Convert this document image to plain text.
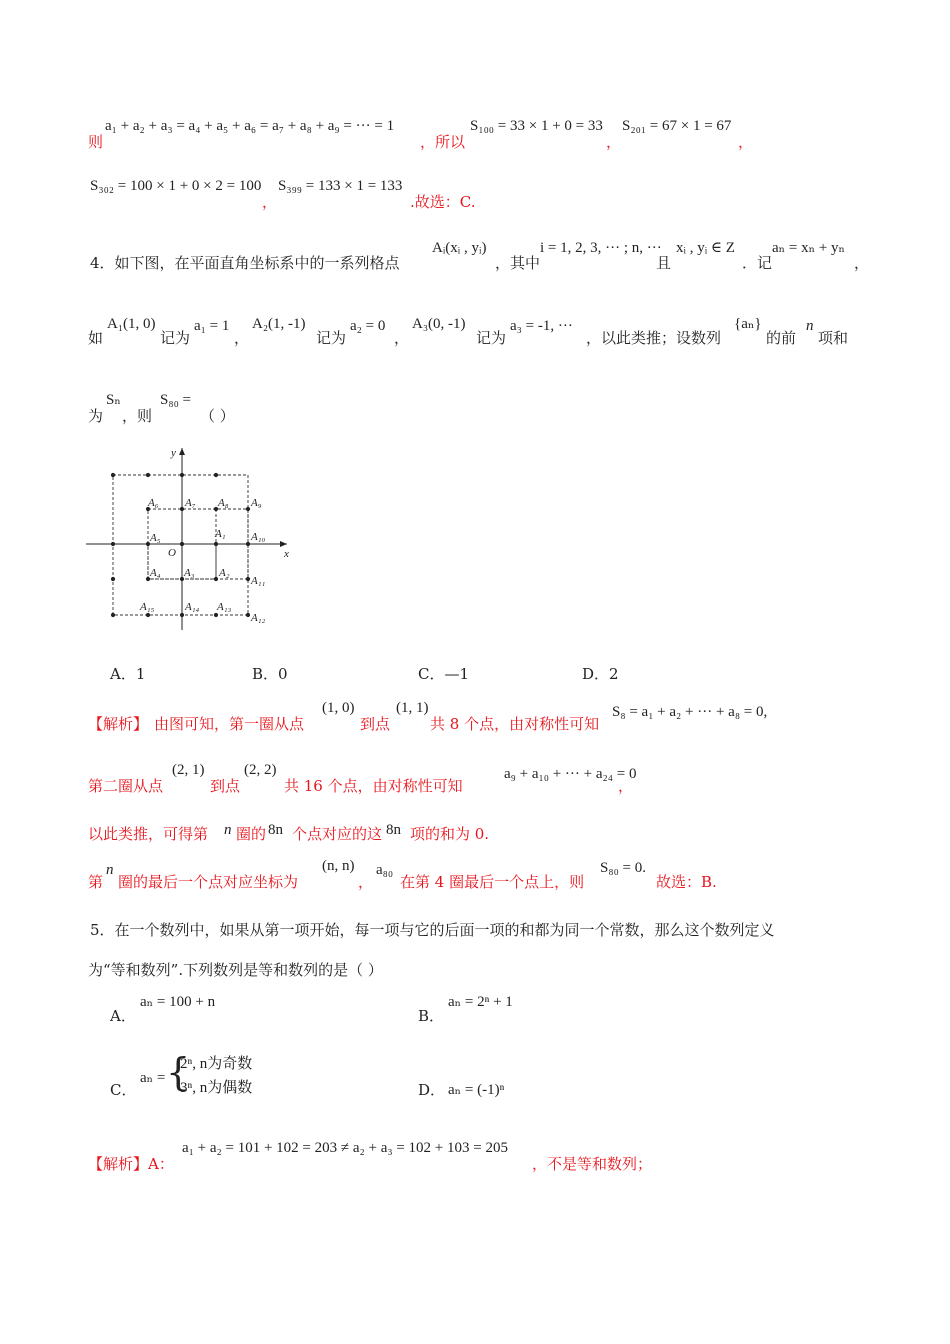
则
a₁ + a₂ + a₃ = a₄ + a₅ + a₆ = a₇ + a₈ + a₉ = ··· = 1
，所以
S₁₀₀ = 33 × 1 + 0 = 33
，
S₂₀₁ = 67 × 1 = 67
，
S₃₀₂ = 100 × 1 + 0 × 2 = 100
，
S₃₉₉ = 133 × 1 = 133
.故选：C.
4．如下图，在平面直角坐标系中的一系列格点
Aᵢ(xᵢ , yᵢ)
，其中
i = 1, 2, 3, ··· ; n, ···
且
xᵢ , yᵢ ∈ Z
．记
aₙ = xₙ + yₙ
，
如
A₁(1, 0)
记为
a₁ = 1
，
A₂(1, -1)
记为
a₂ = 0
，
A₃(0, -1)
记为
a₃ = -1, ···
，以此类推；设数列
{aₙ}
的前
n
项和
为
Sₙ
，则
S₈₀ =
（ ）
x
y
O
A₁
A₂
A₃
A₄
A₅
A₆ A₇ A₈ A₉
A₁₀
A₁₁
A₁₂
A₁₃
A₁₄
A₁₅
A．1	B．0	C．—1	D．2
【解析】 由图可知，第一圈从点
(1, 0)
到点
(1, 1)
共 8 个点，由对称性可知
S₈ = a₁ + a₂ + ··· + a₈ = 0,
第二圈从点
(2, 1)
到点
(2, 2)
共 16 个点，由对称性可知
a₉ + a₁₀ + ··· + a₂₄ = 0
，
以此类推，可得第 n 圈的 8n 个点对应的这 8n 项的和为 0.
第
n
圈的最后一个点对应坐标为
(n, n)
，
a₈₀
在第 4 圈最后一个点上，则
S₈₀ = 0.
故选：B.
5．在一个数列中，如果从第一项开始，每一项与它的后面一项的和都为同一个常数，那么这个数列定义
为“等和数列”.下列数列是等和数列的是（ ）
A．
aₙ = 100 + n
B．
aₙ = 2ⁿ + 1
C．
aₙ = {
2ⁿ, n为奇数
3ⁿ, n为偶数	D． aₙ = (-1)ⁿ
【解析】A：
a₁ + a₂ = 101 + 102 = 203 ≠ a₂ + a₃ = 102 + 103 = 205
，不是等和数列；
